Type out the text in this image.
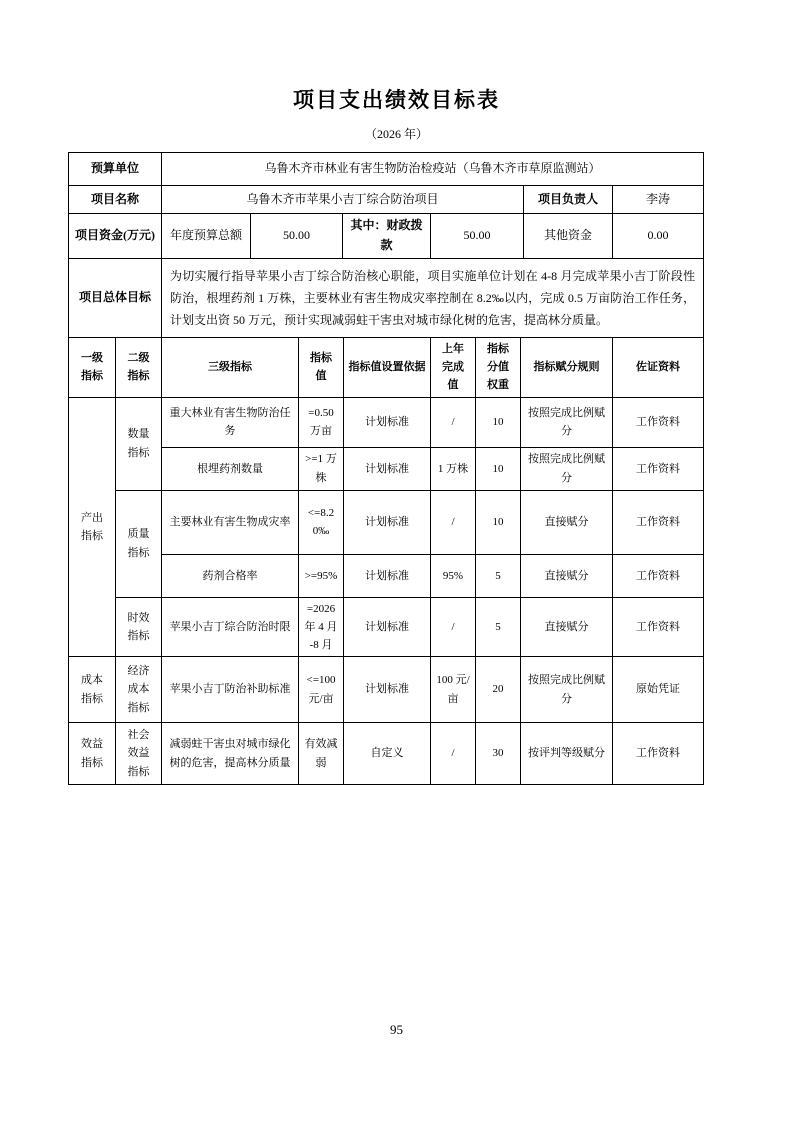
项目支出绩效目标表
（2026 年）
预算单位	乌鲁木齐市林业有害生物防治检疫站（乌鲁木齐市草原监测站）					
项目名称	乌鲁木齐市苹果小吉丁综合防治项目				项目负责人	李涛
项目资金(万元)	年度预算总额	50.00	其中：财政拨款	50.00	其他资金	0.00
项目总体目标	为切实履行指导苹果小吉丁综合防治核心职能，项目实施单位计划在 4-8 月完成苹果小吉丁阶段性防治，根埋药剂 1 万株，主要林业有害生物成灾率控制在 8.2‰以内，完成 0.5 万亩防治工作任务，计划支出资 50 万元，预计实现减弱蛀干害虫对城市绿化树的危害，提高林分质量。					
一级指标	二级指标	三级指标	指标值	指标值设置依据	上年完成值	指标分值权重	指标赋分规则	佐证资料
产出指标	数量指标	重大林业有害生物防治任务	=0.50 万亩	计划标准	/	10	按照完成比例赋分	工作资料
		根埋药剂数量	>=1 万株	计划标准	1 万株	10	按照完成比例赋分	工作资料
	质量指标	主要林业有害生物成灾率	<=8.20‰	计划标准	/	10	直接赋分	工作资料
		药剂合格率	>=95%	计划标准	95%	5	直接赋分	工作资料
	时效指标	苹果小吉丁综合防治时限	=2026 年 4 月 -8 月	计划标准	/	5	直接赋分	工作资料
成本指标	经济成本指标	苹果小吉丁防治补助标准	<=100 元/亩	计划标准	100 元/亩	20	按照完成比例赋分	原始凭证
效益指标	社会效益指标	减弱蛀干害虫对城市绿化树的危害，提高林分质量	有效减弱	自定义	/	30	按评判等级赋分	工作资料
95
